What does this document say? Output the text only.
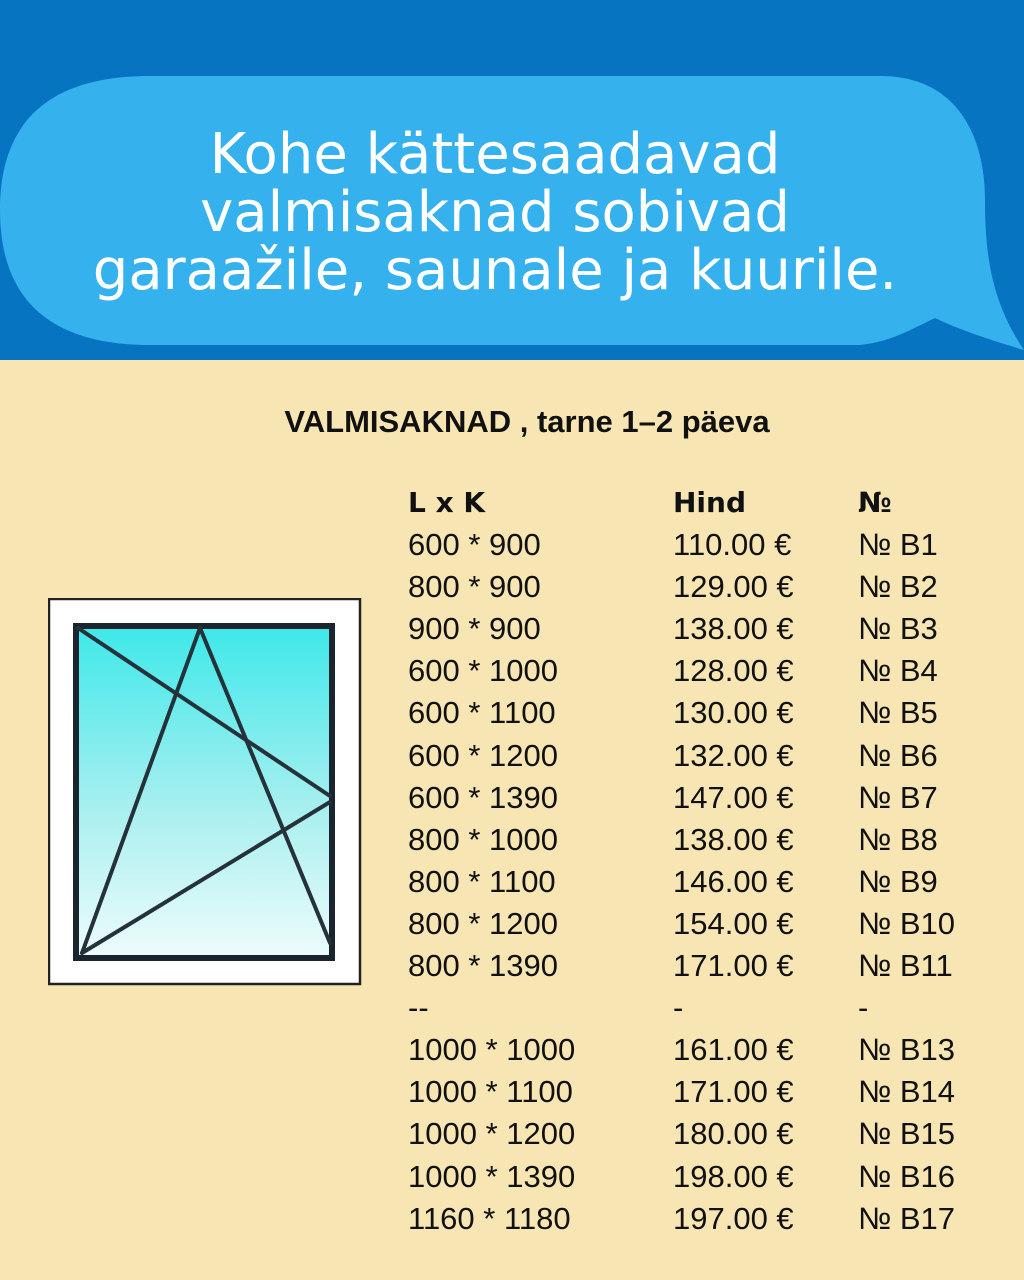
Kohe kättesaadavad
valmisaknad sobivad
garaažile, saunale ja kuurile.
VALMISAKNAD , tarne 1–2 päeva
L x K	Hind	№
600 * 900	110.00 € № B1
800 * 900	129.00 € № B2
900 * 900	138.00 € № B3
600 * 1000	128.00 € № B4
600 * 1100	130.00 € № B5
600 * 1200	132.00 € № B6
600 * 1390	147.00 € № B7
800 * 1000	138.00 € № B8
800 * 1100	146.00 € № B9
800 * 1200	154.00 € № B10
800 * 1390	171.00 € № B11
--	-	-
1000 * 1000	161.00 € № B13
1000 * 1100	171.00 € № B14
1000 * 1200	180.00 € № B15
1000 * 1390	198.00 € № B16
1160 * 1180	197.00 € № B17
